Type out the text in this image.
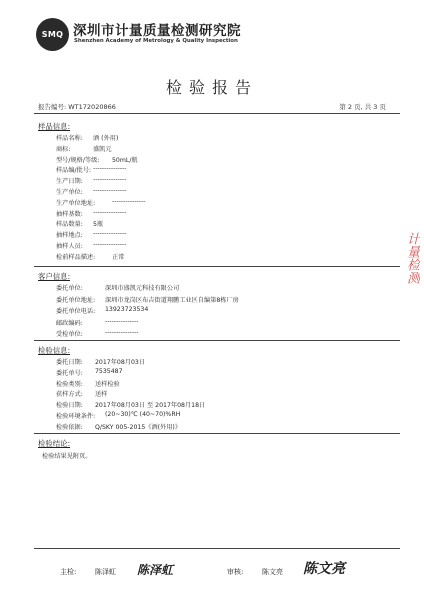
SMQ 深圳市计量质量检测研究院
Shenzhen Academy of Metrology & Quality Inspection
检验报告
报告编号: WT172020866	第 2 页, 共 3 页
样品信息:
样品名称: 酒 (外用)
商标:	盛凯元
型号/规格/等级: 50mL/瓶
样品编/批号: ---------------
生产日期: ---------------
生产单位: ---------------
生产单位地址:	---------------
抽样基数: ---------------
样品数量: 5瓶
抽样地点: ---------------
抽样人员: ---------------
检前样品描述:	正常
客户信息:
委托单位:	深圳市盛凯元科技有限公司
委托单位地址: 深圳市龙岗区布吉街道翔鹏工业区自编第8栋厂房
委托单位电话: 13923723534
邮政编码:	---------------
受检单位:	---------------
检验信息:
委托日期: 2017年08月03日
委托单号: 7535487
检验类别: 送样检验
获样方式: 送样
检验日期: 2017年08月03日 至 2017年08月18日
检验环境条件: (20~30)℃ (40~70)%RH
检验依据: Q/SKY 005-2015《酒(外用)》
检验结论:
检验结果见附页。
主检:	陈泽虹 陈泽虹	审核:	陈文亮 陈文亮
计量检测
